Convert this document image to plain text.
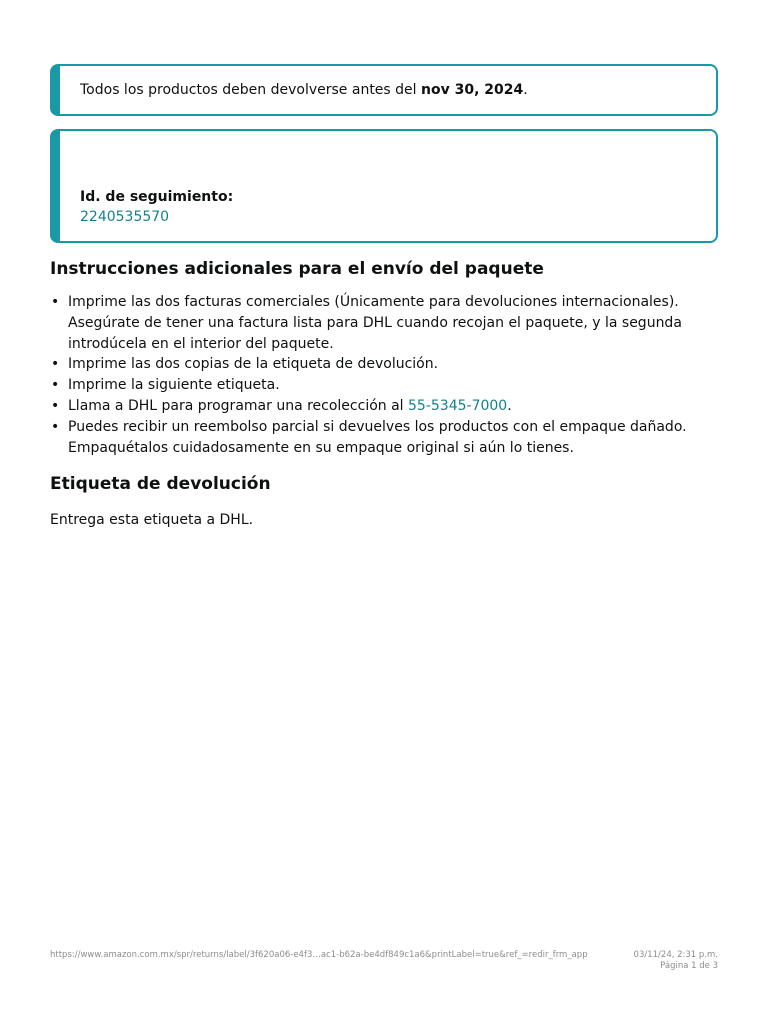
Todos los productos deben devolverse antes del nov 30, 2024.
Id. de seguimiento:
2240535570
Instrucciones adicionales para el envío del paquete
• Imprime las dos facturas comerciales (Únicamente para devoluciones internacionales). Asegúrate de tener una factura lista para DHL cuando recojan el paquete, y la segunda introdúcela en el interior del paquete.
• Imprime las dos copias de la etiqueta de devolución.
• Imprime la siguiente etiqueta.
• Llama a DHL para programar una recolección al 55-5345-7000.
• Puedes recibir un reembolso parcial si devuelves los productos con el empaque dañado. Empaquétalos cuidadosamente en su empaque original si aún lo tienes.
Etiqueta de devolución
Entrega esta etiqueta a DHL.
https://www.amazon.com.mx/spr/returns/label/3f620a06-e4f3…ac1-b62a-be4df849c1a6&printLabel=true&ref_=redir_frm_app	03/11/24, 2:31 p.m.
Página 1 de 3
